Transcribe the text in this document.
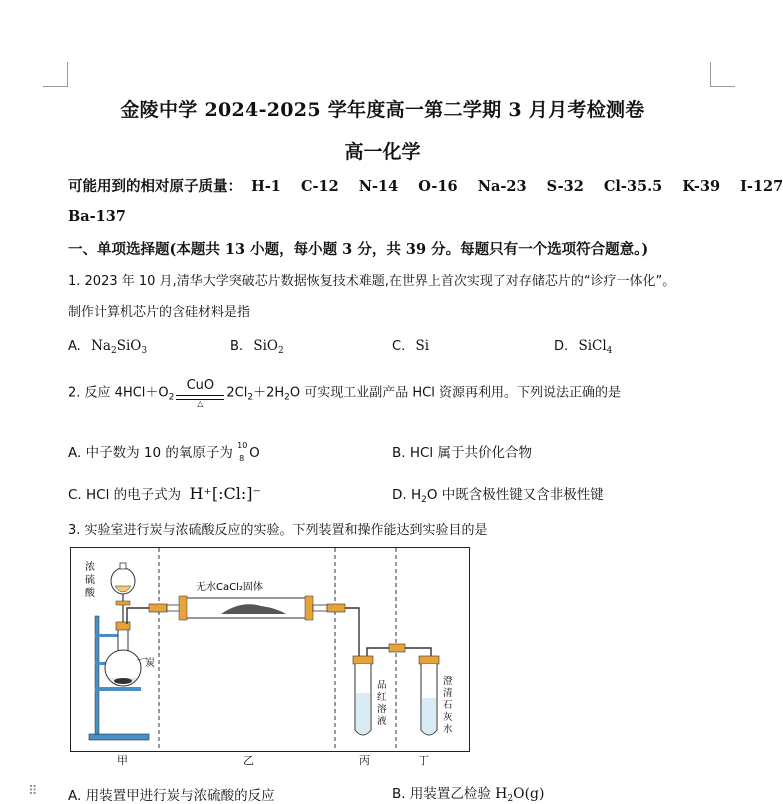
金陵中学 2024-2025 学年度高一第二学期 3 月月考检测卷
高一化学
可能用到的相对原子质量： H-1 C-12 N-14 O-16 Na-23 S-32 Cl-35.5 K-39 I-127
Ba-137
一、单项选择题(本题共 13 小题，每小题 3 分，共 39 分。每题只有一个选项符合题意。)
1. 2023 年 10 月,清华大学突破芯片数据恢复技术难题,在世界上首次实现了对存储芯片的“诊疗一体化”。
制作计算机芯片的含硅材料是指
A. $Na_2SiO_3$	B. SiO$_2$	C. Si	D. SiCl$_4$
2. 反应 $4HCl+O_2$
CuO
△
$2Cl_2+2H_2O$ 可实现工业副产品 HCl 资源再利用。下列说法正确的是
A. 中子数为 10 的氧原子为 10
8 O	B. HCl 属于共价化合物
C. HCl 的电子式为 H⁺[:Cl:]⁻	D. $H_2O$ 中既含极性键又含非极性键
3. 实验室进行炭与浓硫酸反应的实验。下列装置和操作能达到实验目的是
浓
硫
酸
炭
无水CaCl₂固体
品
红
溶
液
澄
清
石
灰
水
甲	乙	丙	丁
⠿ A. 用装置甲进行炭与浓硫酸的反应	B. 用装置乙检验 $H_2O(g)$
